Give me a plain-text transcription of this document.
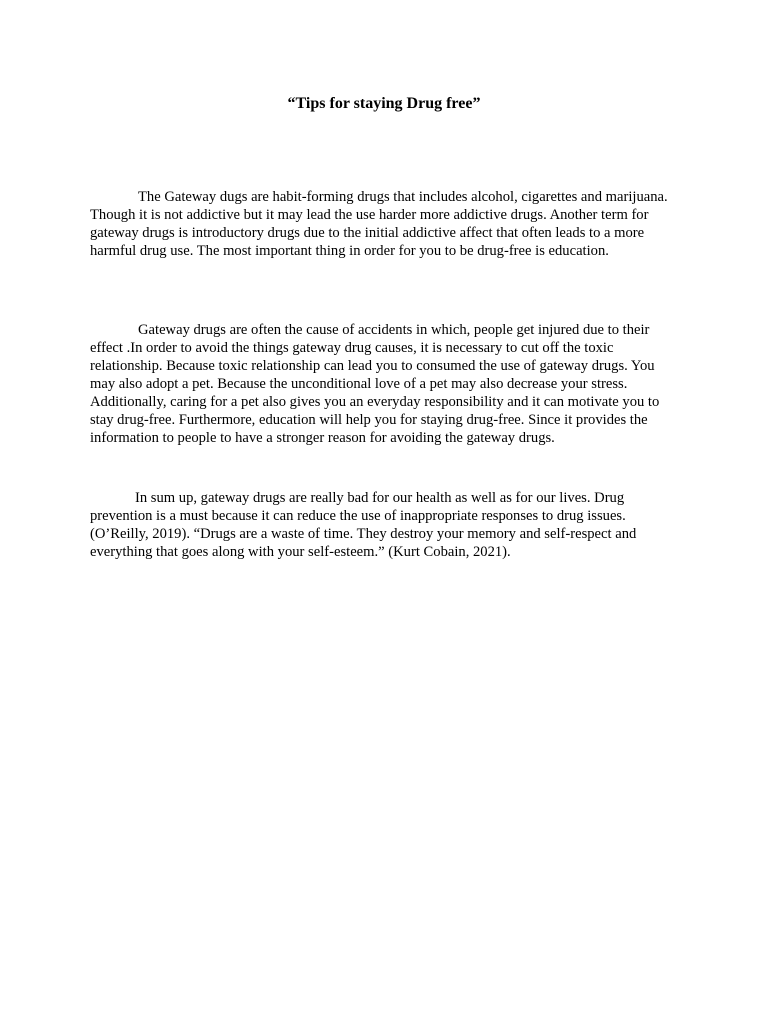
“Tips for staying Drug free”

The Gateway dugs are habit-forming drugs that includes alcohol, cigarettes and marijuana. Though it is not addictive but it may lead the use harder more addictive drugs. Another term for gateway drugs is introductory drugs due to the initial addictive affect that often leads to a more harmful drug use. The most important thing in order for you to be drug-free is education.

Gateway drugs are often the cause of accidents in which, people get injured due to their effect .In order to avoid the things gateway drug causes, it is necessary to cut off the toxic relationship. Because toxic relationship can lead you to consumed the use of gateway drugs. You may also adopt a pet. Because the unconditional love of a pet may also decrease your stress. Additionally, caring for a pet also gives you an everyday responsibility and it can motivate you to stay drug-free. Furthermore, education will help you for staying drug-free. Since it provides the information to people to have a stronger reason for avoiding the gateway drugs.

In sum up, gateway drugs are really bad for our health as well as for our lives. Drug prevention is a must because it can reduce the use of inappropriate responses to drug issues. (O’Reilly, 2019). “Drugs are a waste of time. They destroy your memory and self-respect and everything that goes along with your self-esteem.” (Kurt Cobain, 2021).
